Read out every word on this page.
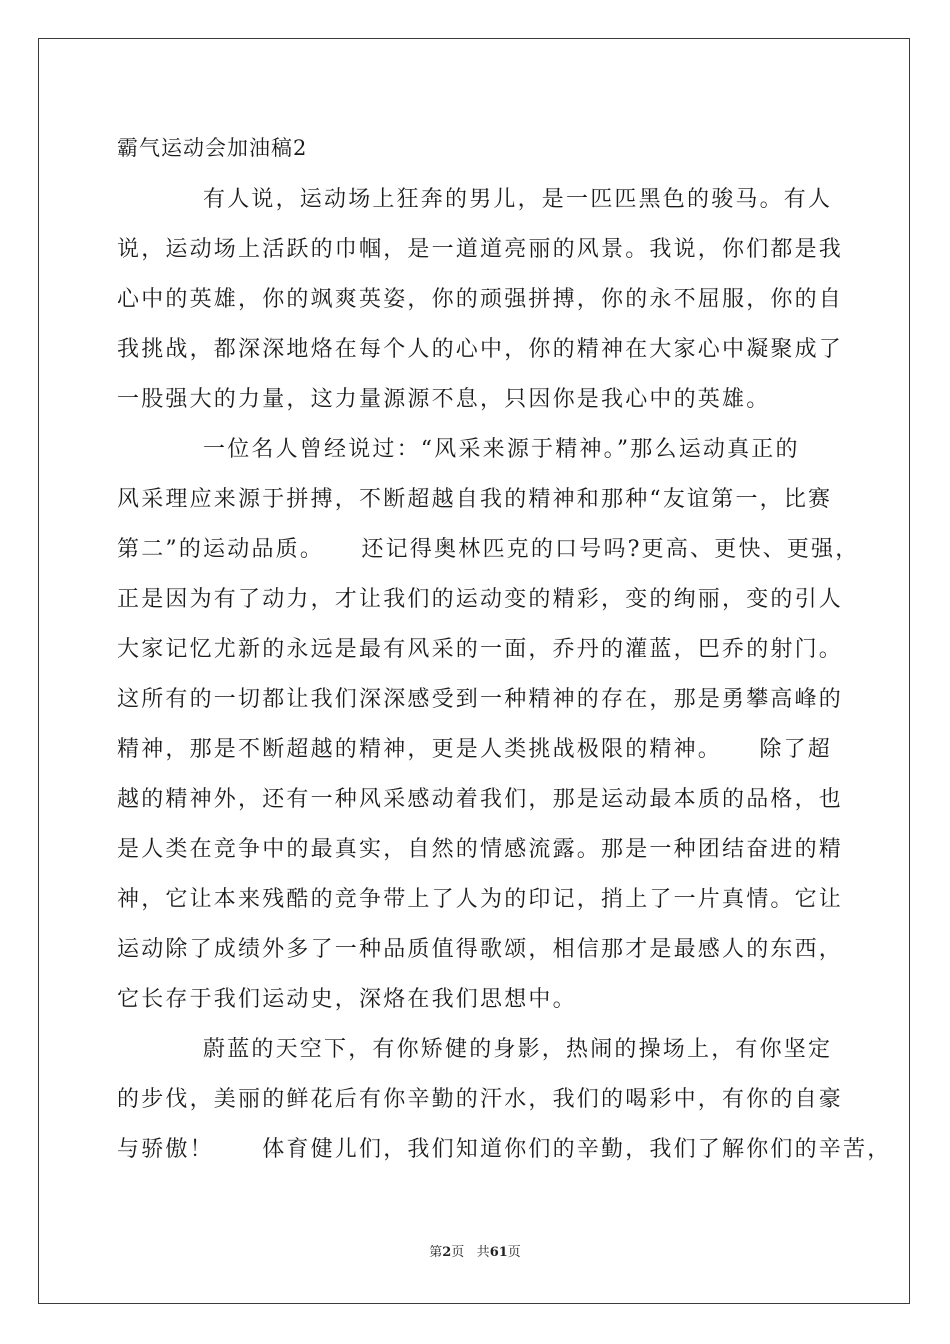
霸气运动会加油稿2
有人说，运动场上狂奔的男儿，是一匹匹黑色的骏马。有人
说，运动场上活跃的巾帼，是一道道亮丽的风景。我说，你们都是我
心中的英雄，你的飒爽英姿，你的顽强拼搏，你的永不屈服，你的自
我挑战，都深深地烙在每个人的心中，你的精神在大家心中凝聚成了
一股强大的力量，这力量源源不息，只因你是我心中的英雄。
一位名人曾经说过：“风采来源于精神。”那么运动真正的
风采理应来源于拼搏，不断超越自我的精神和那种“友谊第一，比赛
第二”的运动品质。　　还记得奥林匹克的口号吗?更高、更快、更强，
正是因为有了动力，才让我们的运动变的精彩，变的绚丽，变的引人
大家记忆尤新的永远是最有风采的一面，乔丹的灌蓝，巴乔的射门。
这所有的一切都让我们深深感受到一种精神的存在，那是勇攀高峰的
精神，那是不断超越的精神，更是人类挑战极限的精神。　　除了超
越的精神外，还有一种风采感动着我们，那是运动最本质的品格，也
是人类在竞争中的最真实，自然的情感流露。那是一种团结奋进的精
神，它让本来残酷的竞争带上了人为的印记，捎上了一片真情。它让
运动除了成绩外多了一种品质值得歌颂，相信那才是最感人的东西，
它长存于我们运动史，深烙在我们思想中。
蔚蓝的天空下，有你矫健的身影，热闹的操场上，有你坚定
的步伐，美丽的鲜花后有你辛勤的汗水，我们的喝彩中，有你的自豪
与骄傲！　　体育健儿们，我们知道你们的辛勤，我们了解你们的辛苦，
第2页 共61页
